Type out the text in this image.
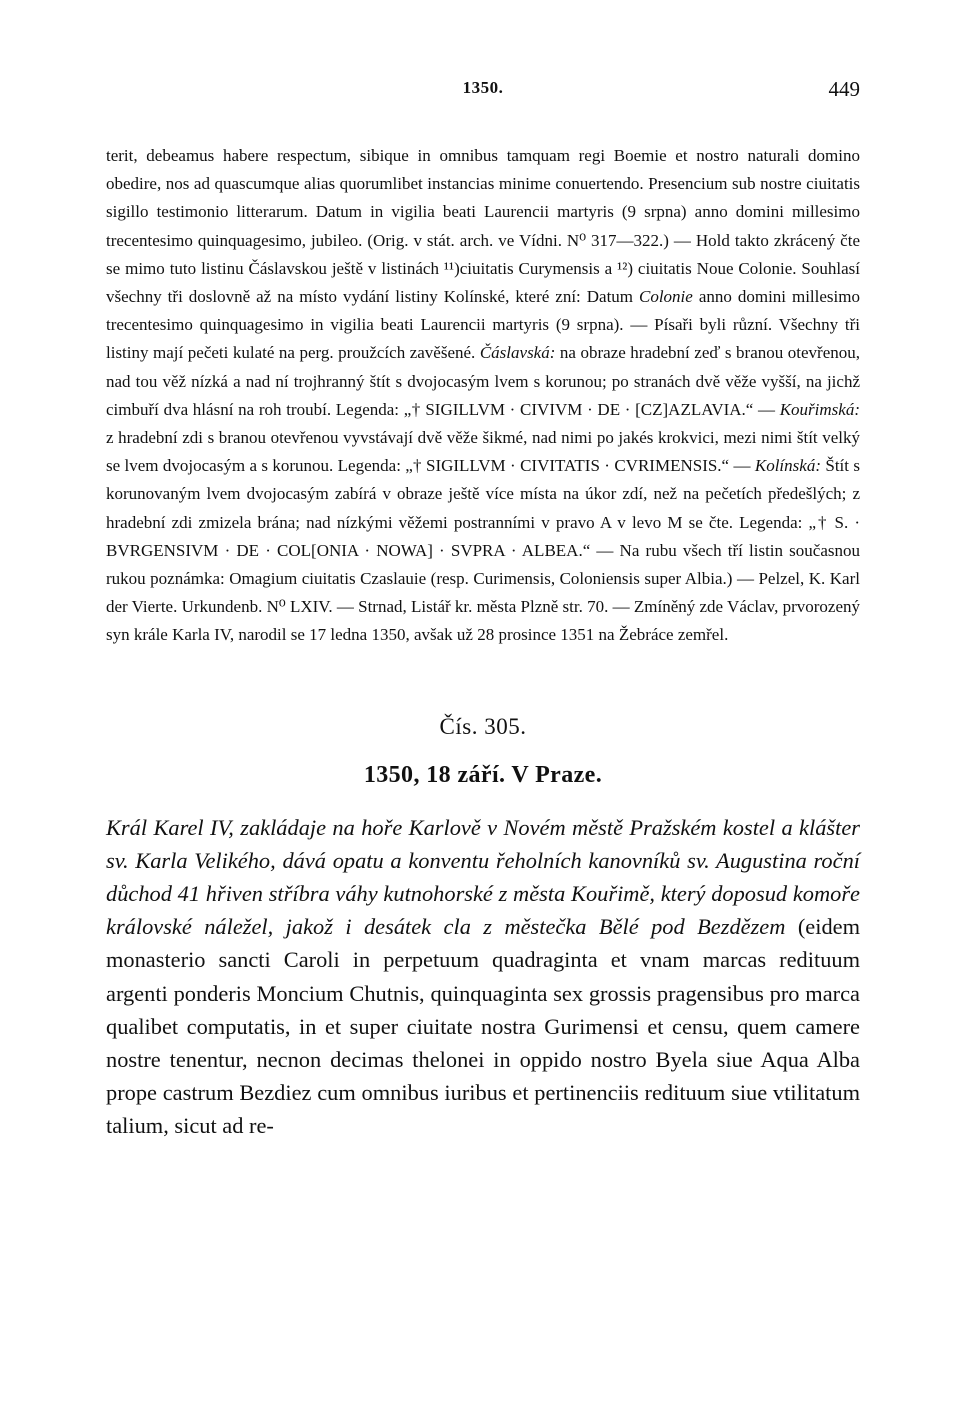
1350.	449

terit, debeamus habere respectum, sibique in omnibus tamquam regi Boemie et nostro naturali domino obedire, nos ad quascumque alias quorumlibet instancias minime conuertendo. Presencium sub nostre ciuitatis sigillo testimonio litterarum. Datum in vigilia beati Laurencii martyris (9 srpna) anno domini millesimo trecentesimo quinquagesimo, jubileo. (Orig. v stát. arch. ve Vídni. N⁰ 317—322.) — Hold takto zkrácený čte se mimo tuto listinu Čáslavskou ještě v listinách ¹¹)ciuitatis Curymensis a ¹²) ciuitatis Noue Colonie. Souhlasí všechny tři doslovně až na místo vydání listiny Kolínské, které zní: Datum Colonie anno domini millesimo trecentesimo quinquagesimo in vigilia beati Laurencii martyris (9 srpna). — Písaři byli různí. Všechny tři listiny mají pečeti kulaté na perg. proužcích zavěšené. Čáslavská: na obraze hradební zeď s branou otevřenou, nad tou věž nízká a nad ní trojhranný štít s dvojocasým lvem s korunou; po stranách dvě věže vyšší, na jichž cimbuří dva hlásní na roh troubí. Legenda: „† SIGILLVM · CIVIVM · DE · [CZ]AZLAVIA.“ — Kouřimská: z hradební zdi s branou otevřenou vyvstávají dvě věže šikmé, nad nimi po jakés krokvici, mezi nimi štít velký se lvem dvojocasým a s korunou. Legenda: „† SIGILLVM · CIVITATIS · CVRIMENSIS.“ — Kolínská: Štít s korunovaným lvem dvojocasým zabírá v obraze ještě více místa na úkor zdí, než na pečetích předešlých; z hradební zdi zmizela brána; nad nízkými věžemi postranními v pravo A v levo M se čte. Legenda: „† S. · BVRGENSIVM · DE · COL[ONIA · NOWA] · SVPRA · ALBEA.“ — Na rubu všech tří listin současnou rukou poznámka: Omagium ciuitatis Czaslauie (resp. Curimensis, Coloniensis super Albia.) — Pelzel, K. Karl der Vierte. Urkundenb. N⁰ LXIV. — Strnad, Listář kr. města Plzně str. 70. — Zmíněný zde Václav, prvorozený syn krále Karla IV, narodil se 17 ledna 1350, avšak už 28 prosince 1351 na Žebráce zemřel.

Čís. 305.
1350, 18 září. V Praze.

Král Karel IV, zakládaje na hoře Karlově v Novém městě Pražském kostel a klášter sv. Karla Velikého, dává opatu a konventu řeholních kanovníků sv. Augustina roční důchod 41 hřiven stříbra váhy kutnohorské z města Kouřimě, který doposud komoře královské náležel, jakož i desátek cla z městečka Bělé pod Bezdězem (eidem monasterio sancti Caroli in perpetuum quadraginta et vnam marcas redituum argenti ponderis Moncium Chutnis, quinquaginta sex grossis pragensibus pro marca qualibet computatis, in et super ciuitate nostra Gurimensi et censu, quem camere nostre tenentur, necnon decimas thelonei in oppido nostro Byela siue Aqua Alba prope castrum Bezdiez cum omnibus iuribus et pertinenciis redituum siue vtilitatum talium, sicut ad re-
